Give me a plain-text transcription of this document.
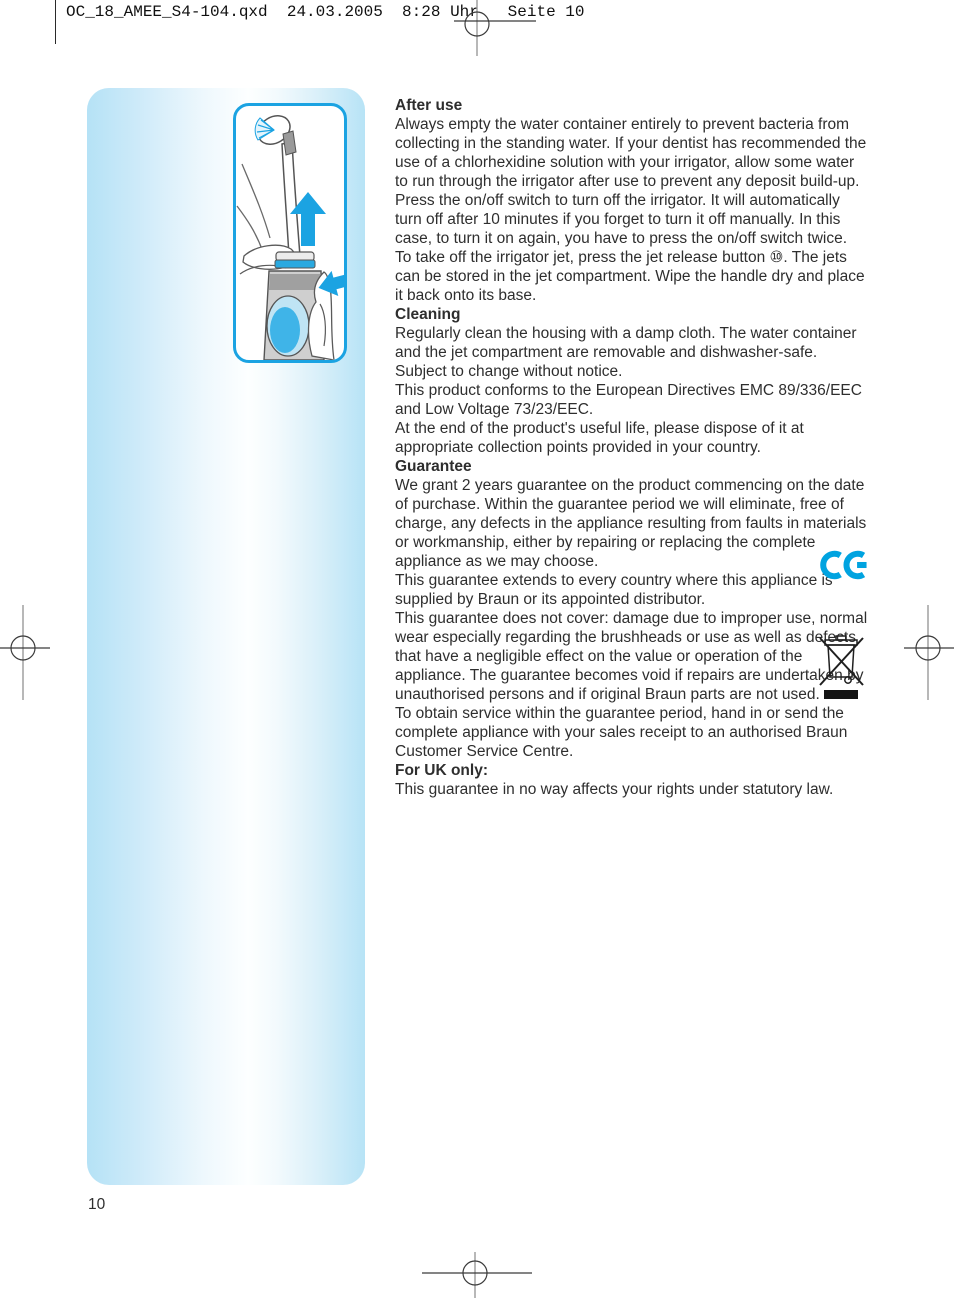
OC_18_AMEE_S4-104.qxd  24.03.2005  8:28 Uhr   Seite 10

After use

Always empty the water container entirely to prevent bacteria from collecting in the standing water. If your dentist has recommended the use of a chlorhexidine solution with your irrigator, allow some water to run through the irrigator after use to prevent any deposit build-up.

Press the on/off switch to turn off the irrigator. It will automatically turn off after 10 minutes if you forget to turn it off manually. In this case, to turn it on again, you have to press the on/off switch twice.

To take off the irrigator jet, press the jet release button ⑩. The jets can be stored in the jet compartment. Wipe the handle dry and place it back onto its base.

Cleaning

Regularly clean the housing with a damp cloth. The water container and the jet compartment are removable and dishwasher-safe.

Subject to change without notice.

This product conforms to the European Directives EMC 89/336/EEC and Low Voltage 73/23/EEC.

At the end of the product's useful life, please dispose of it at appropriate collection points provided in your country.

Guarantee

We grant 2 years guarantee on the product commencing on the date of purchase. Within the guarantee period we will eliminate, free of charge, any defects in the appliance resulting from faults in materials or workmanship, either by repairing or replacing the complete appliance as we may choose.

This guarantee extends to every country where this appliance is supplied by Braun or its appointed distributor.

This guarantee does not cover: damage due to improper use, normal wear especially regarding the brushheads or use as well as defects that have a negligible effect on the value or operation of the appliance. The guarantee becomes void if repairs are undertaken by unauthorised persons and if original Braun parts are not used.

To obtain service within the guarantee period, hand in or send the complete appliance with your sales receipt to an authorised Braun Customer Service Centre.

For UK only:

This guarantee in no way affects your rights under statutory law.

10
